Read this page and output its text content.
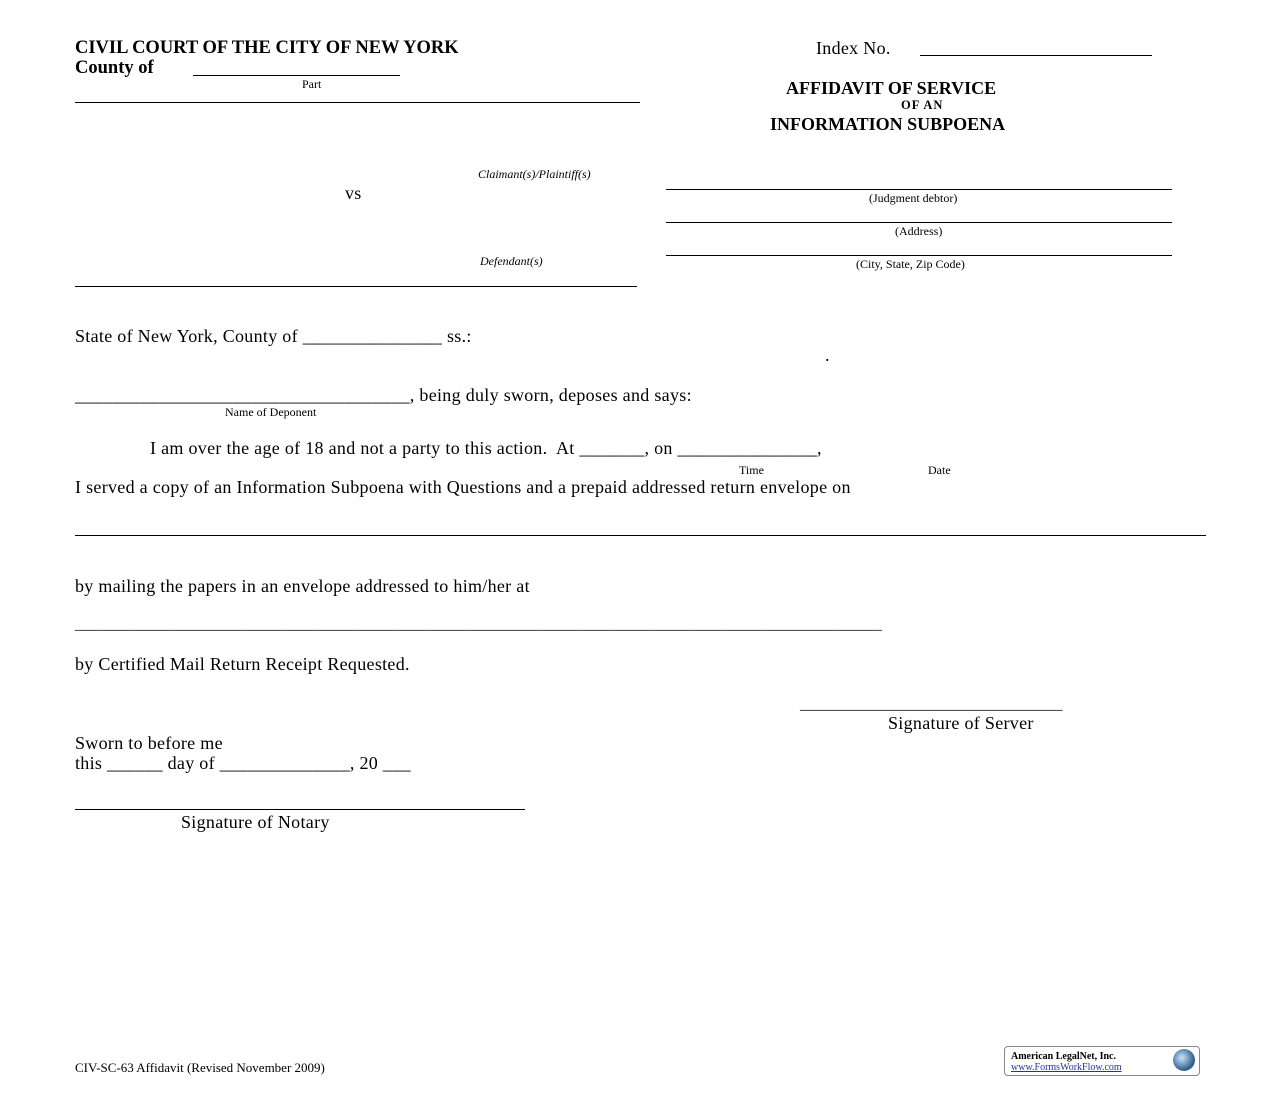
CIVIL COURT OF THE CITY OF NEW YORK
County of
Part
Index No.
AFFIDAVIT OF SERVICE
OF AN
INFORMATION SUBPOENA
Claimant(s)/Plaintiff(s)
vs
Defendant(s)
(Judgment debtor)
(Address)
(City, State, Zip Code)
State of New York, County of _______________ ss.:
.
____________________________________, being duly sworn, deposes and says:
Name of Deponent
I am over the age of 18 and not a party to this action.  At _______, on _______________,
Time	Date
I served a copy of an Information Subpoena with Questions and a prepaid addressed return envelope on
by mailing the papers in an envelope addressed to him/her at
_____________________________________________________________________________________________________________
by Certified Mail Return Receipt Requested.
___________________________________
Signature of Server
Sworn to before me
this ______ day of ______________, 20 ___
Signature of Notary
CIV-SC-63 Affidavit (Revised November 2009)
American LegalNet, Inc.
www.FormsWorkFlow.com
